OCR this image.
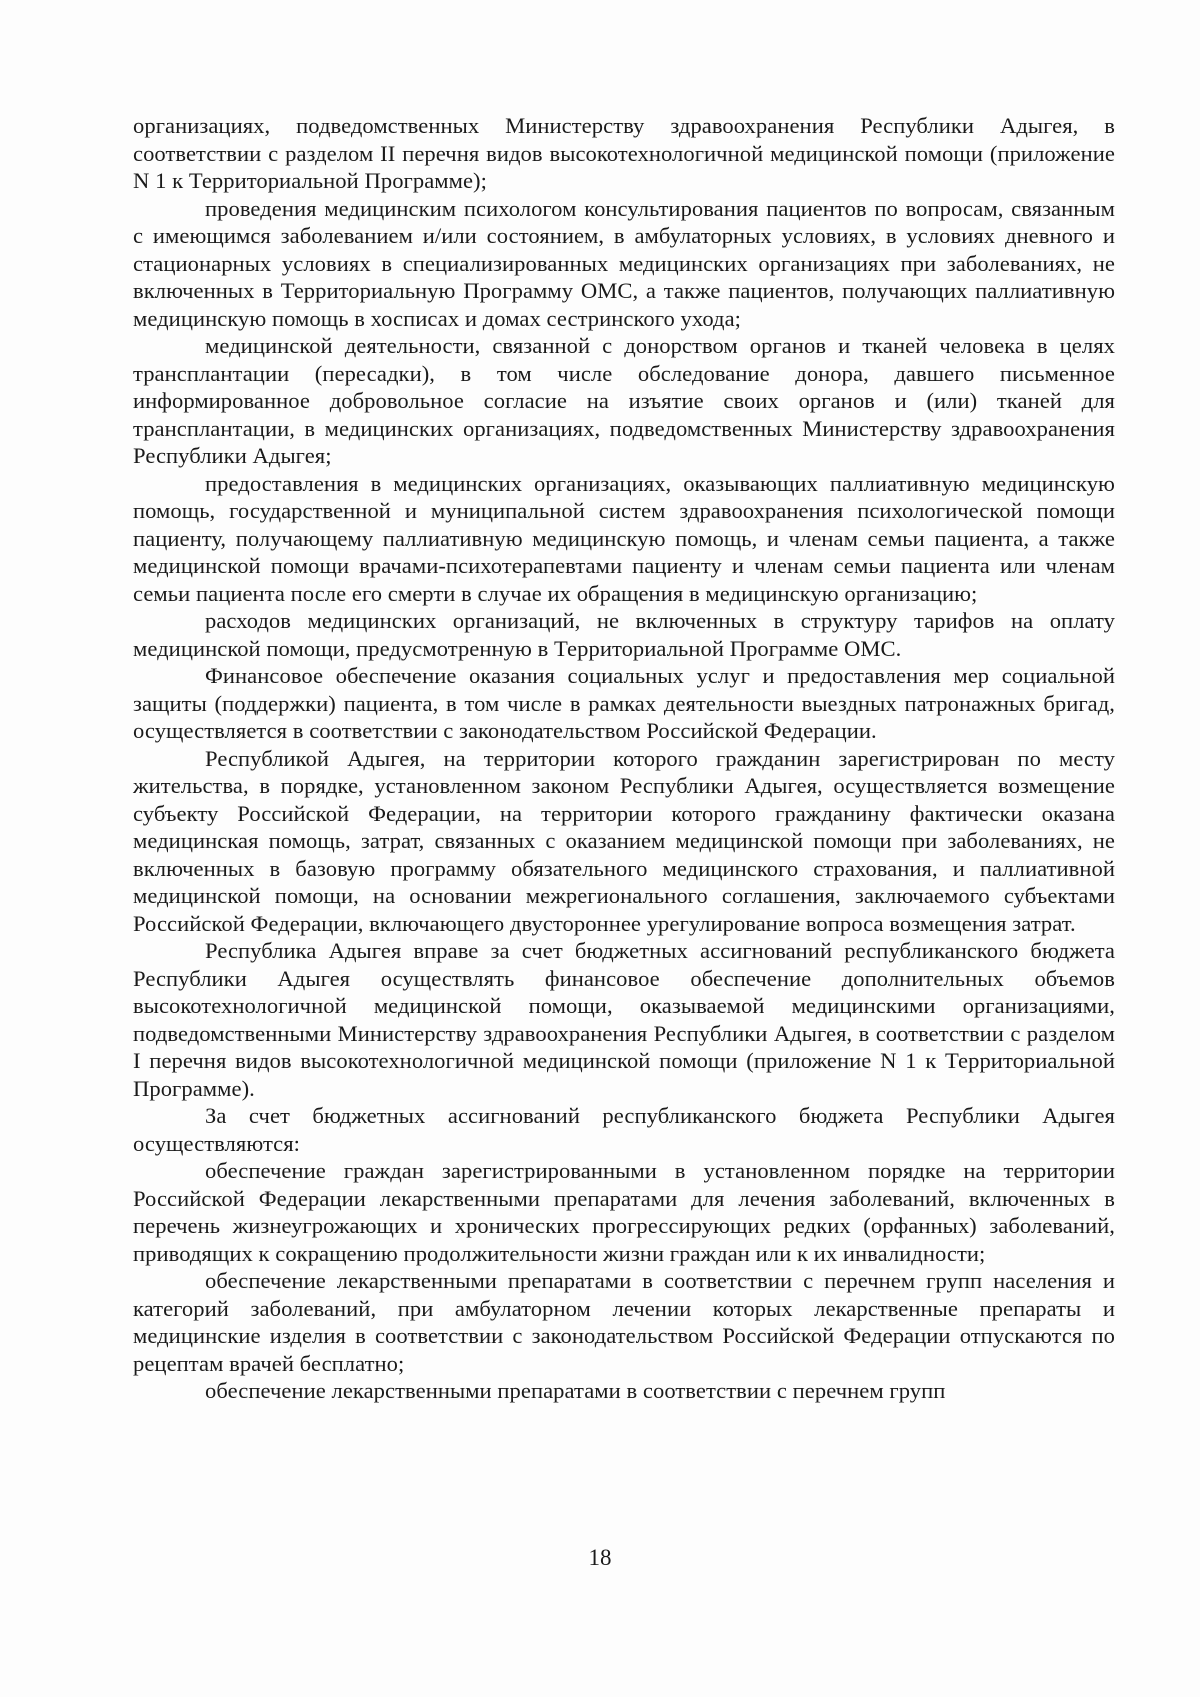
организациях, подведомственных Министерству здравоохранения Республики Адыгея, в соответствии с разделом II перечня видов высокотехнологичной медицинской помощи (приложение N 1 к Территориальной Программе);

проведения медицинским психологом консультирования пациентов по вопросам, связанным с имеющимся заболеванием и/или состоянием, в амбулаторных условиях, в условиях дневного и стационарных условиях в специализированных медицинских организациях при заболеваниях, не включенных в Территориальную Программу ОМС, а также пациентов, получающих паллиативную медицинскую помощь в хосписах и домах сестринского ухода;

медицинской деятельности, связанной с донорством органов и тканей человека в целях трансплантации (пересадки), в том числе обследование донора, давшего письменное информированное добровольное согласие на изъятие своих органов и (или) тканей для трансплантации, в медицинских организациях, подведомственных Министерству здравоохранения Республики Адыгея;

предоставления в медицинских организациях, оказывающих паллиативную медицинскую помощь, государственной и муниципальной систем здравоохранения психологической помощи пациенту, получающему паллиативную медицинскую помощь, и членам семьи пациента, а также медицинской помощи врачами-психотерапевтами пациенту и членам семьи пациента или членам семьи пациента после его смерти в случае их обращения в медицинскую организацию;

расходов медицинских организаций, не включенных в структуру тарифов на оплату медицинской помощи, предусмотренную в Территориальной Программе ОМС.

Финансовое обеспечение оказания социальных услуг и предоставления мер социальной защиты (поддержки) пациента, в том числе в рамках деятельности выездных патронажных бригад, осуществляется в соответствии с законодательством Российской Федерации.

Республикой Адыгея, на территории которого гражданин зарегистрирован по месту жительства, в порядке, установленном законом Республики Адыгея, осуществляется возмещение субъекту Российской Федерации, на территории которого гражданину фактически оказана медицинская помощь, затрат, связанных с оказанием медицинской помощи при заболеваниях, не включенных в базовую программу обязательного медицинского страхования, и паллиативной медицинской помощи, на основании межрегионального соглашения, заключаемого субъектами Российской Федерации, включающего двустороннее урегулирование вопроса возмещения затрат.

Республика Адыгея вправе за счет бюджетных ассигнований республиканского бюджета Республики Адыгея осуществлять финансовое обеспечение дополнительных объемов высокотехнологичной медицинской помощи, оказываемой медицинскими организациями, подведомственными Министерству здравоохранения Республики Адыгея, в соответствии с разделом I перечня видов высокотехнологичной медицинской помощи (приложение N 1 к Территориальной Программе).

За счет бюджетных ассигнований республиканского бюджета Республики Адыгея осуществляются:

обеспечение граждан зарегистрированными в установленном порядке на территории Российской Федерации лекарственными препаратами для лечения заболеваний, включенных в перечень жизнеугрожающих и хронических прогрессирующих редких (орфанных) заболеваний, приводящих к сокращению продолжительности жизни граждан или к их инвалидности;

обеспечение лекарственными препаратами в соответствии с перечнем групп населения и категорий заболеваний, при амбулаторном лечении которых лекарственные препараты и медицинские изделия в соответствии с законодательством Российской Федерации отпускаются по рецептам врачей бесплатно;

обеспечение лекарственными препаратами в соответствии с перечнем групп

18
